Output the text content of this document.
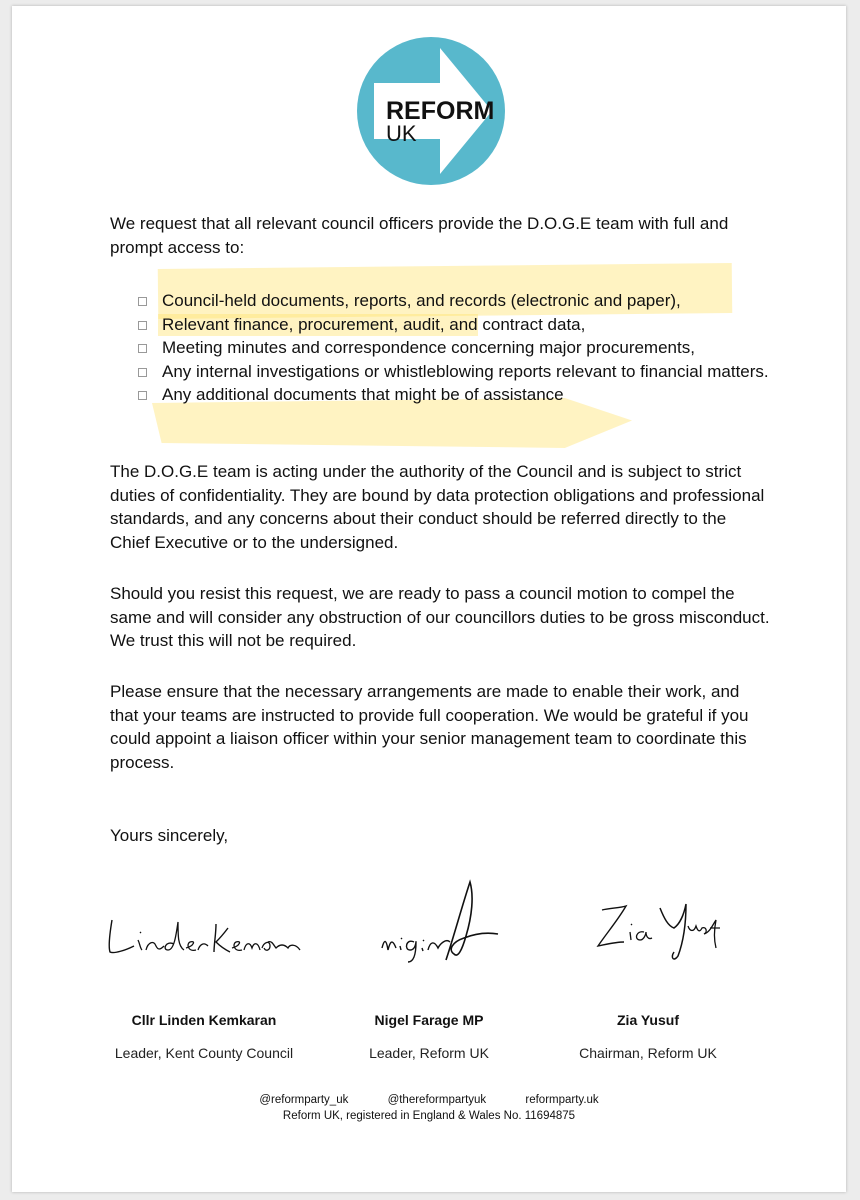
REFORM
UK

We request that all relevant council officers provide the D.O.G.E team with full and prompt access to:

Council-held documents, reports, and records (electronic and paper),
Relevant finance, procurement, audit, and contract data,
Meeting minutes and correspondence concerning major procurements,
Any internal investigations or whistleblowing reports relevant to financial matters.
Any additional documents that might be of assistance

The D.O.G.E team is acting under the authority of the Council and is subject to strict duties of confidentiality. They are bound by data protection obligations and professional standards, and any concerns about their conduct should be referred directly to the Chief Executive or to the undersigned.

Should you resist this request, we are ready to pass a council motion to compel the same and will consider any obstruction of our councillors duties to be gross misconduct. We trust this will not be required.

Please ensure that the necessary arrangements are made to enable their work, and that your teams are instructed to provide full cooperation. We would be grateful if you could appoint a liaison officer within your senior management team to coordinate this process.

Yours sincerely,

Cllr Linden Kemkaran	Nigel Farage MP	Zia Yusuf
Leader, Kent County Council	Leader, Reform UK	Chairman, Reform UK
@reformparty_uk	@thereformpartyuk	reformparty.uk
Reform UK, registered in England & Wales No. 11694875
